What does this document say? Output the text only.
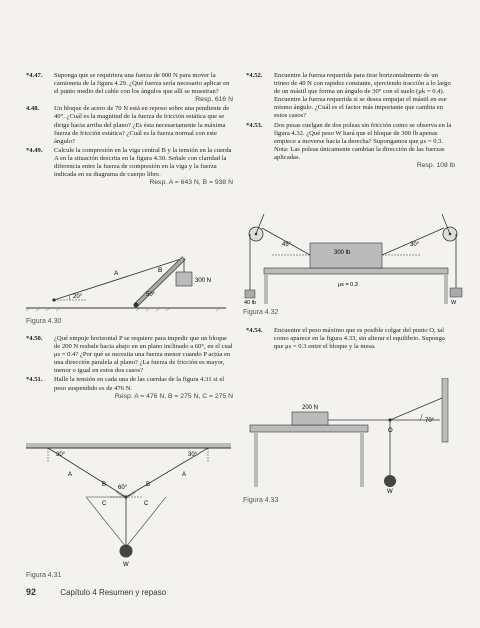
*4.47. Suponga que se requiriera una fuerza de 900 N para mover la camioneta de la figura 4.29. ¿Qué fuerza sería necesario aplicar en el punto medio del cable con los ángulos que allí se muestran?
Resp. 616 N
4.48. Un bloque de acero de 70 N está en reposo sobre una pendiente de 40°. ¿Cuál es la magnitud de la fuerza de fricción estática que se dirige hacia arriba del plano? ¿Es ésta necesariamente la máxima fuerza de fricción estática? ¿Cuál es la fuerza normal con este ángulo?
*4.49. Calcule la compresión en la viga central B y la tensión en la cuerda A en la situación descrita en la figura 4.30. Señale con claridad la diferencia entre la fuerza de compresión en la viga y la fuerza indicada en su diagrama de cuerpo libre.
Resp. A = 643 N, B = 938 N
A	B
300 N
20°	50°
Figura 4.30
*4.50. ¿Qué empuje horizontal P se requiere para impedir que un bloque de 200 N resbale hacia abajo en un plano inclinado a 60°, en el cual μs = 0.4? ¿Por qué se necesita una fuerza menor cuando P actúa en una dirección paralela al plano? ¿La fuerza de fricción es mayor, menor o igual en estos dos casos?
*4.51. Halle la tensión en cada una de las cuerdas de la figura 4.31 si el peso suspendido es de 476 N.
Resp. A = 476 N, B = 275 N, C = 275 N
30°	30°
A	A
B	B
60°
C	C
W
Figura 4.31
*4.52. Encuentre la fuerza requerida para tirar horizontalmente de un trineo de 40 N con rapidez constante, ejerciendo tracción a lo largo de un mástil que forma un ángulo de 30° con el suelo (μk = 0.4). Encuentre la fuerza requerida si se desea empujar el mástil en ese mismo ángulo. ¿Cuál es el factor más importante que cambia en estos casos?
*4.53. Dos pesas cuelgan de dos poleas sin fricción como se observa en la figura 4.32. ¿Qué peso W hará que el bloque de 300 lb apenas empiece a moverse hacia la derecha? Supongamos que μs = 0.3. Nota: Las poleas únicamente cambian la dirección de las fuerzas aplicadas.
Resp. 108 lb
45°	30°
300 lb
μs = 0.3
40 lb	W
Figura 4.32
*4.54. Encuentre el peso máximo que es posible colgar del punto O, tal como aparece en la figura 4.33, sin alterar el equilibrio. Suponga que μs = 0.3 entre el bloque y la mesa.
200 N
O
70°
W
Figura 4.33
92	Capítulo 4 Resumen y repaso
